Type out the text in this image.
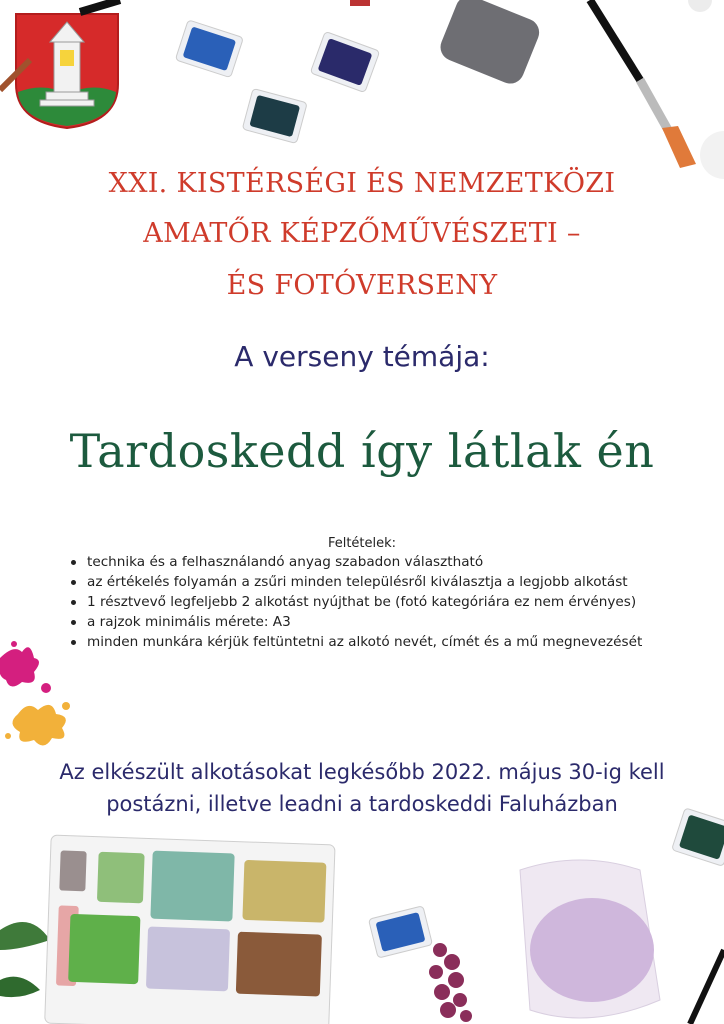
XXI. KISTÉRSÉGI ÉS NEMZETKÖZI
AMATŐR KÉPZŐMŰVÉSZETI –
ÉS FOTÓVERSENY
A verseny témája:
Tardoskedd így látlak én
Feltételek:
technika és a felhasználandó anyag szabadon választható
az értékelés folyamán a zsűri minden településről kiválasztja a legjobb alkotást
1 résztvevő legfeljebb 2 alkotást nyújthat be (fotó kategóriára ez nem érvényes)
a rajzok minimális mérete: A3
minden munkára kérjük feltüntetni az alkotó nevét, címét és a mű megnevezését
Az elkészült alkotásokat legkésőbb 2022. május 30-ig kell
postázni, illetve leadni a tardoskeddi Faluházban
